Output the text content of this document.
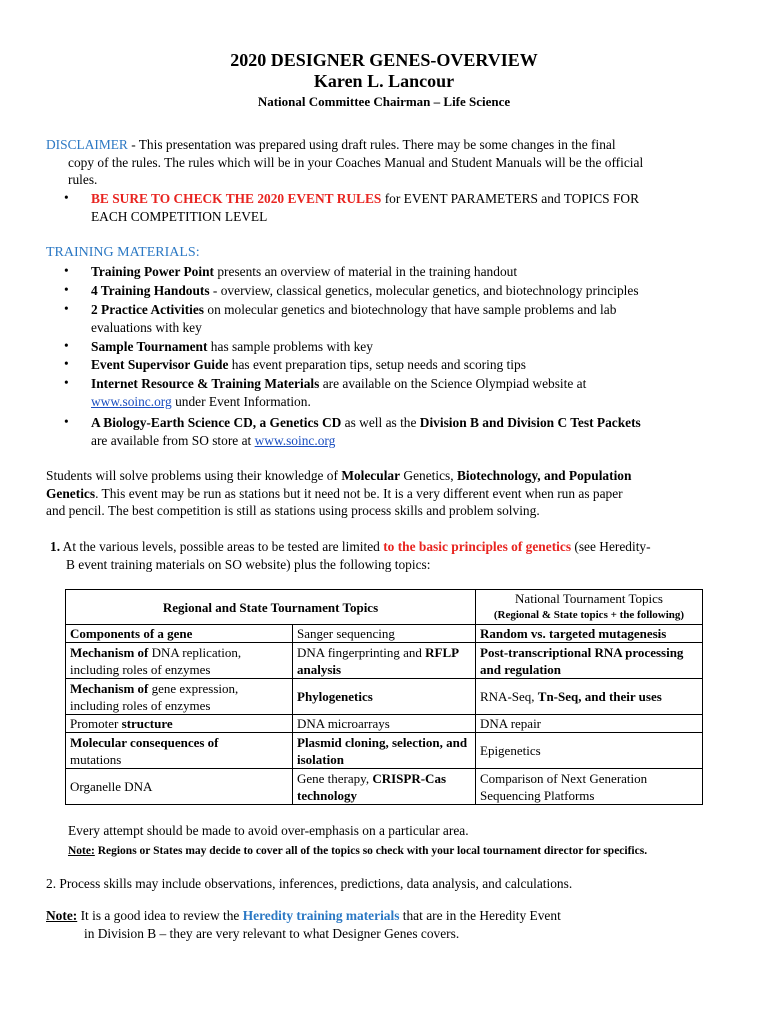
2020 DESIGNER GENES-OVERVIEW
Karen L. Lancour
National Committee Chairman – Life Science
DISCLAIMER - This presentation was prepared using draft rules. There may be some changes in the final
copy of the rules. The rules which will be in your Coaches Manual and Student Manuals will be the official
rules.
• BE SURE TO CHECK THE 2020 EVENT RULES for EVENT PARAMETERS and TOPICS FOR
EACH COMPETITION LEVEL
TRAINING MATERIALS:
• Training Power Point presents an overview of material in the training handout
• 4 Training Handouts - overview, classical genetics, molecular genetics, and biotechnology principles
• 2 Practice Activities on molecular genetics and biotechnology that have sample problems and lab
evaluations with key
• Sample Tournament has sample problems with key
• Event Supervisor Guide has event preparation tips, setup needs and scoring tips
• Internet Resource & Training Materials are available on the Science Olympiad website at
www.soinc.org under Event Information.
• A Biology-Earth Science CD, a Genetics CD as well as the Division B and Division C Test Packets
are available from SO store at www.soinc.org
Students will solve problems using their knowledge of Molecular Genetics, Biotechnology, and Population
Genetics. This event may be run as stations but it need not be. It is a very different event when run as paper
and pencil. The best competition is still as stations using process skills and problem solving.
1. At the various levels, possible areas to be tested are limited to the basic principles of genetics (see Heredity-
B event training materials on SO website) plus the following topics:
Regional and State Tournament Topics		National Tournament Topics
(Regional & State topics + the following)

Components of a gene	Sanger sequencing	Random vs. targeted mutagenesis
Mechanism of DNA replication, including roles of enzymes	DNA fingerprinting and RFLP analysis	Post-transcriptional RNA processing and regulation
Mechanism of gene expression, including roles of enzymes	Phylogenetics	RNA-Seq, Tn-Seq, and their uses
Promoter structure	DNA microarrays	DNA repair
Molecular consequences of
mutations	Plasmid cloning, selection, and isolation	Epigenetics
Organelle DNA	Gene therapy, CRISPR-Cas technology	Comparison of Next Generation Sequencing Platforms
Every attempt should be made to avoid over-emphasis on a particular area.
Note: Regions or States may decide to cover all of the topics so check with your local tournament director for specifics.
2. Process skills may include observations, inferences, predictions, data analysis, and calculations.
Note: It is a good idea to review the Heredity training materials that are in the Heredity Event
in Division B – they are very relevant to what Designer Genes covers.
